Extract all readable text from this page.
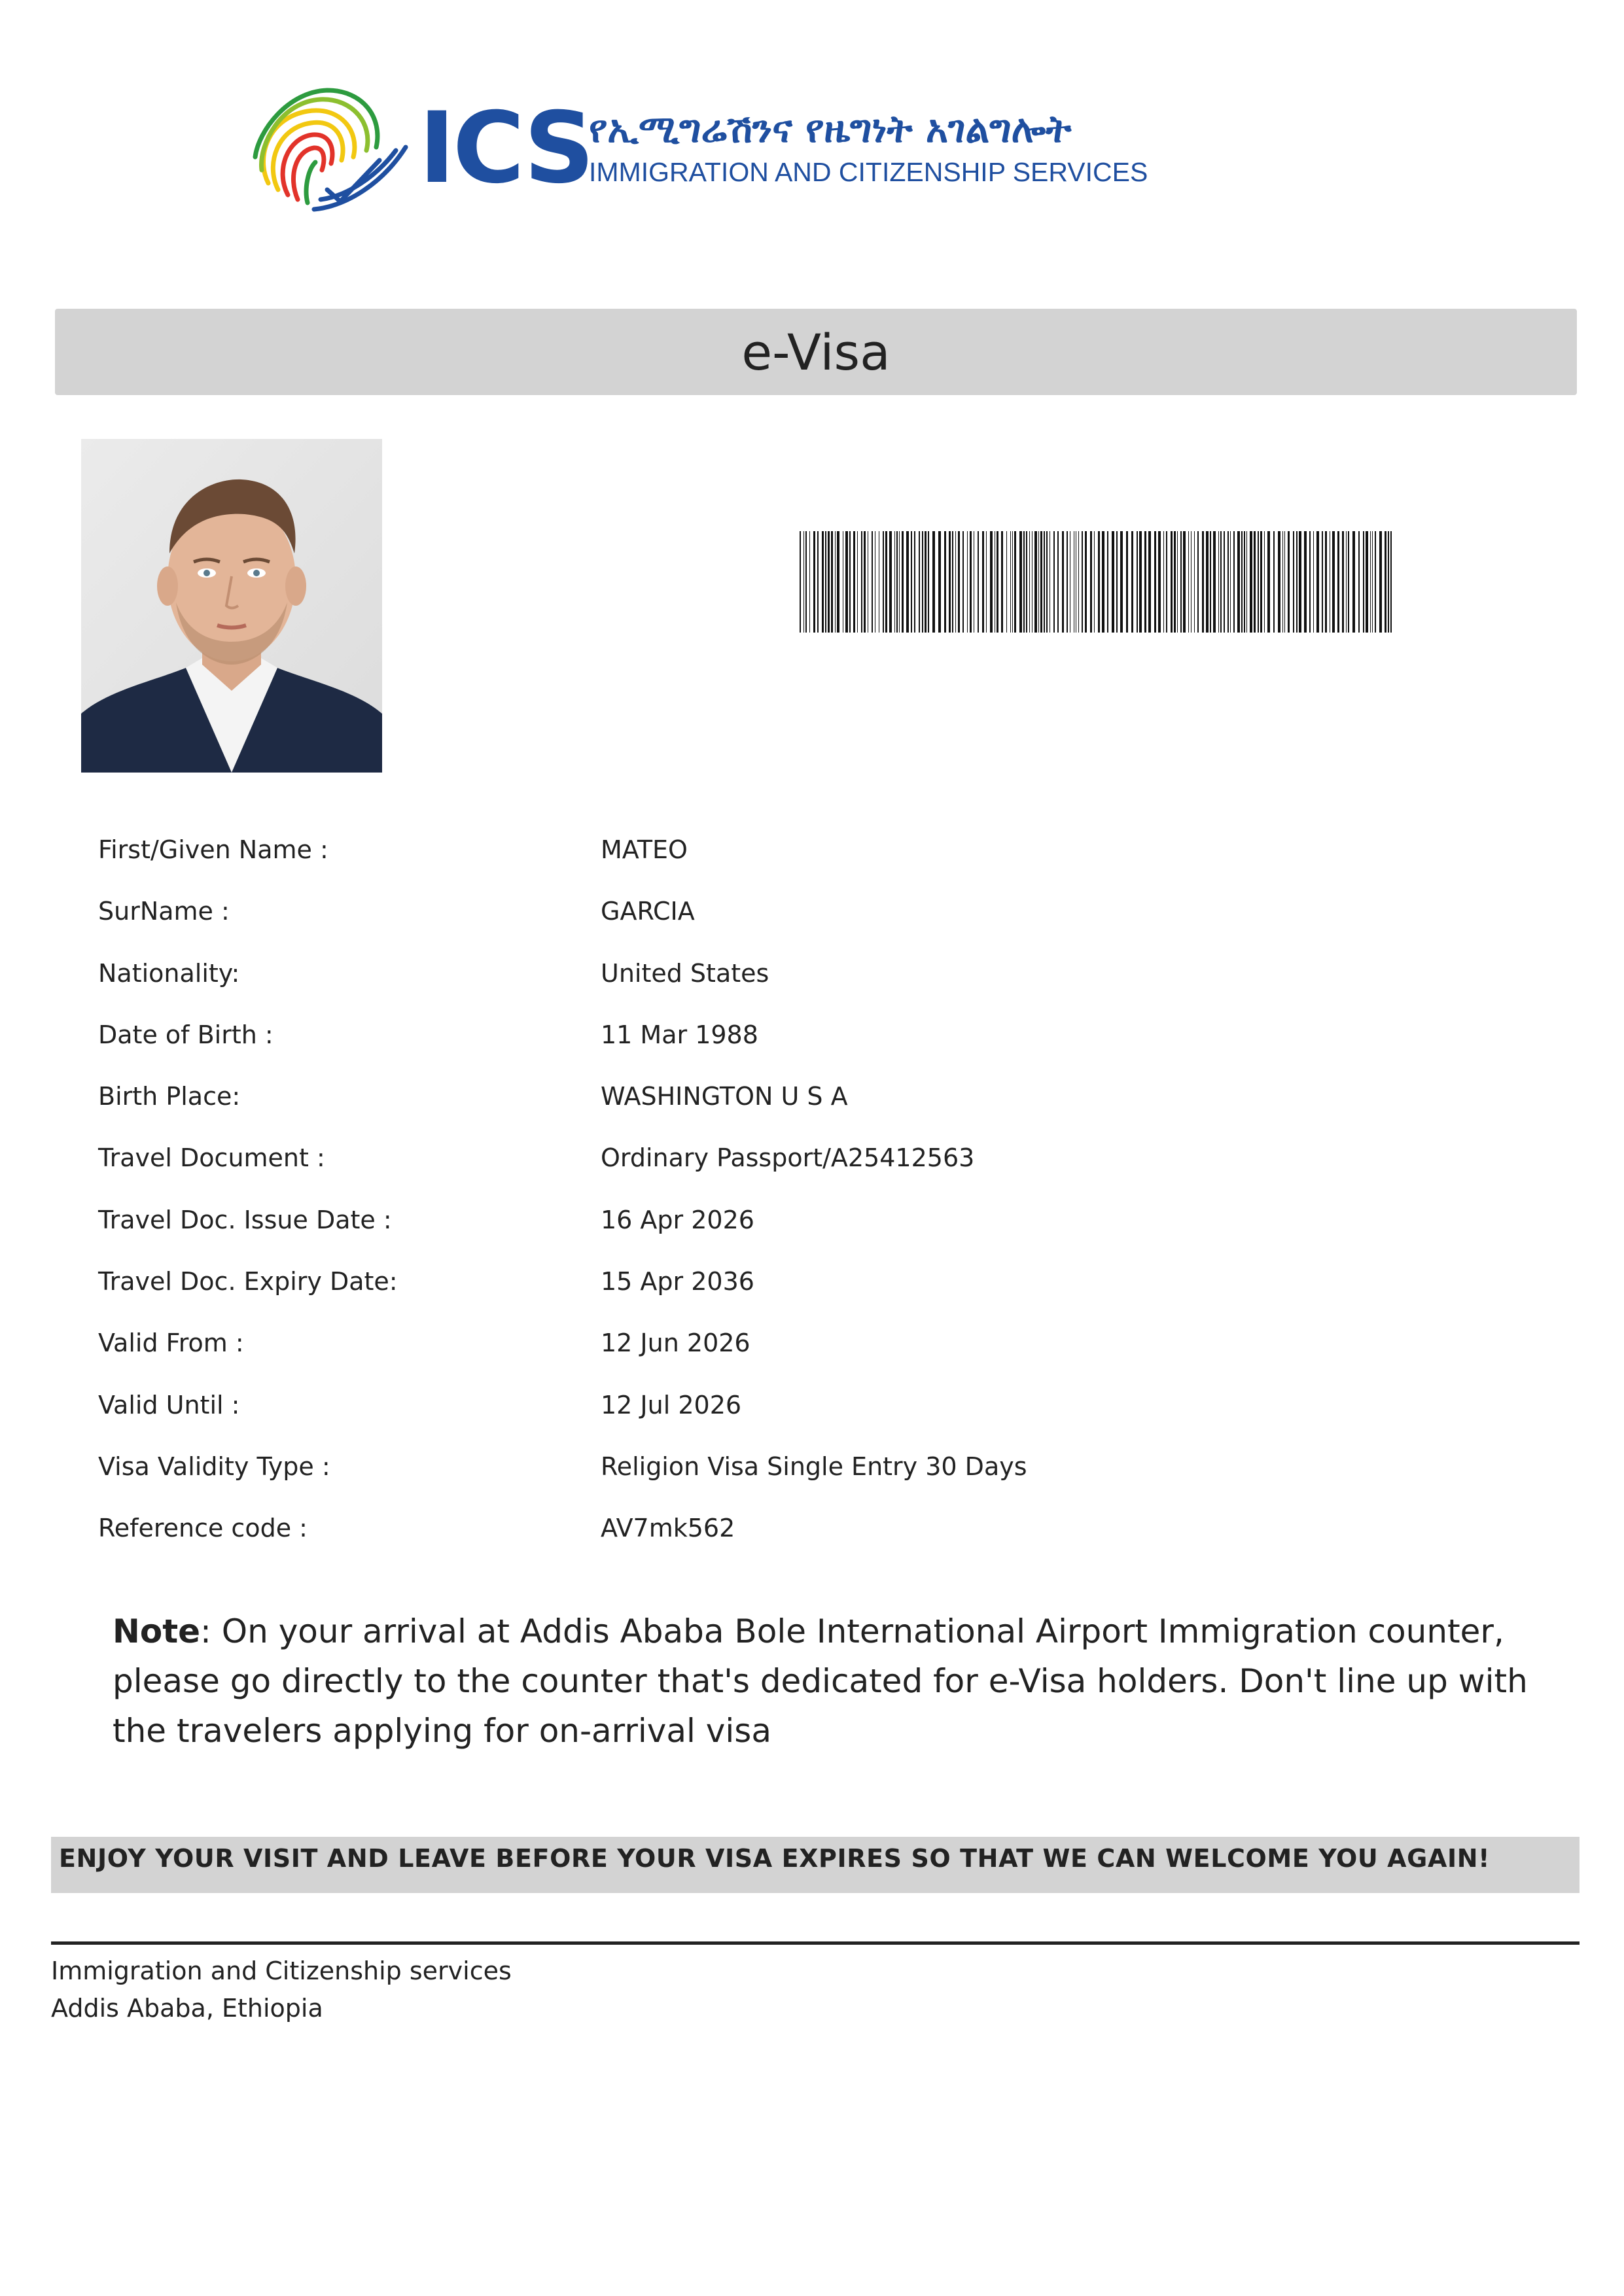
ICS
የኢሚግሬሽንና የዜግነት አገልግሎት
IMMIGRATION AND CITIZENSHIP SERVICES
e-Visa
First/Given Name :	MATEO
SurName :	GARCIA
Nationality:	United States
Date of Birth :	11 Mar 1988
Birth Place:	WASHINGTON U S A
Travel Document :	Ordinary Passport/A25412563
Travel Doc. Issue Date :	16 Apr 2026
Travel Doc. Expiry Date:	15 Apr 2036
Valid From :	12 Jun 2026
Valid Until :	12 Jul 2026
Visa Validity Type :	Religion Visa Single Entry 30 Days
Reference code :	AV7mk562
Note: On your arrival at Addis Ababa Bole International Airport Immigration counter, please go directly to the counter that's dedicated for e-Visa holders. Don't line up with the travelers applying for on-arrival visa
ENJOY YOUR VISIT AND LEAVE BEFORE YOUR VISA EXPIRES SO THAT WE CAN WELCOME YOU AGAIN!
Immigration and Citizenship services
Addis Ababa, Ethiopia
